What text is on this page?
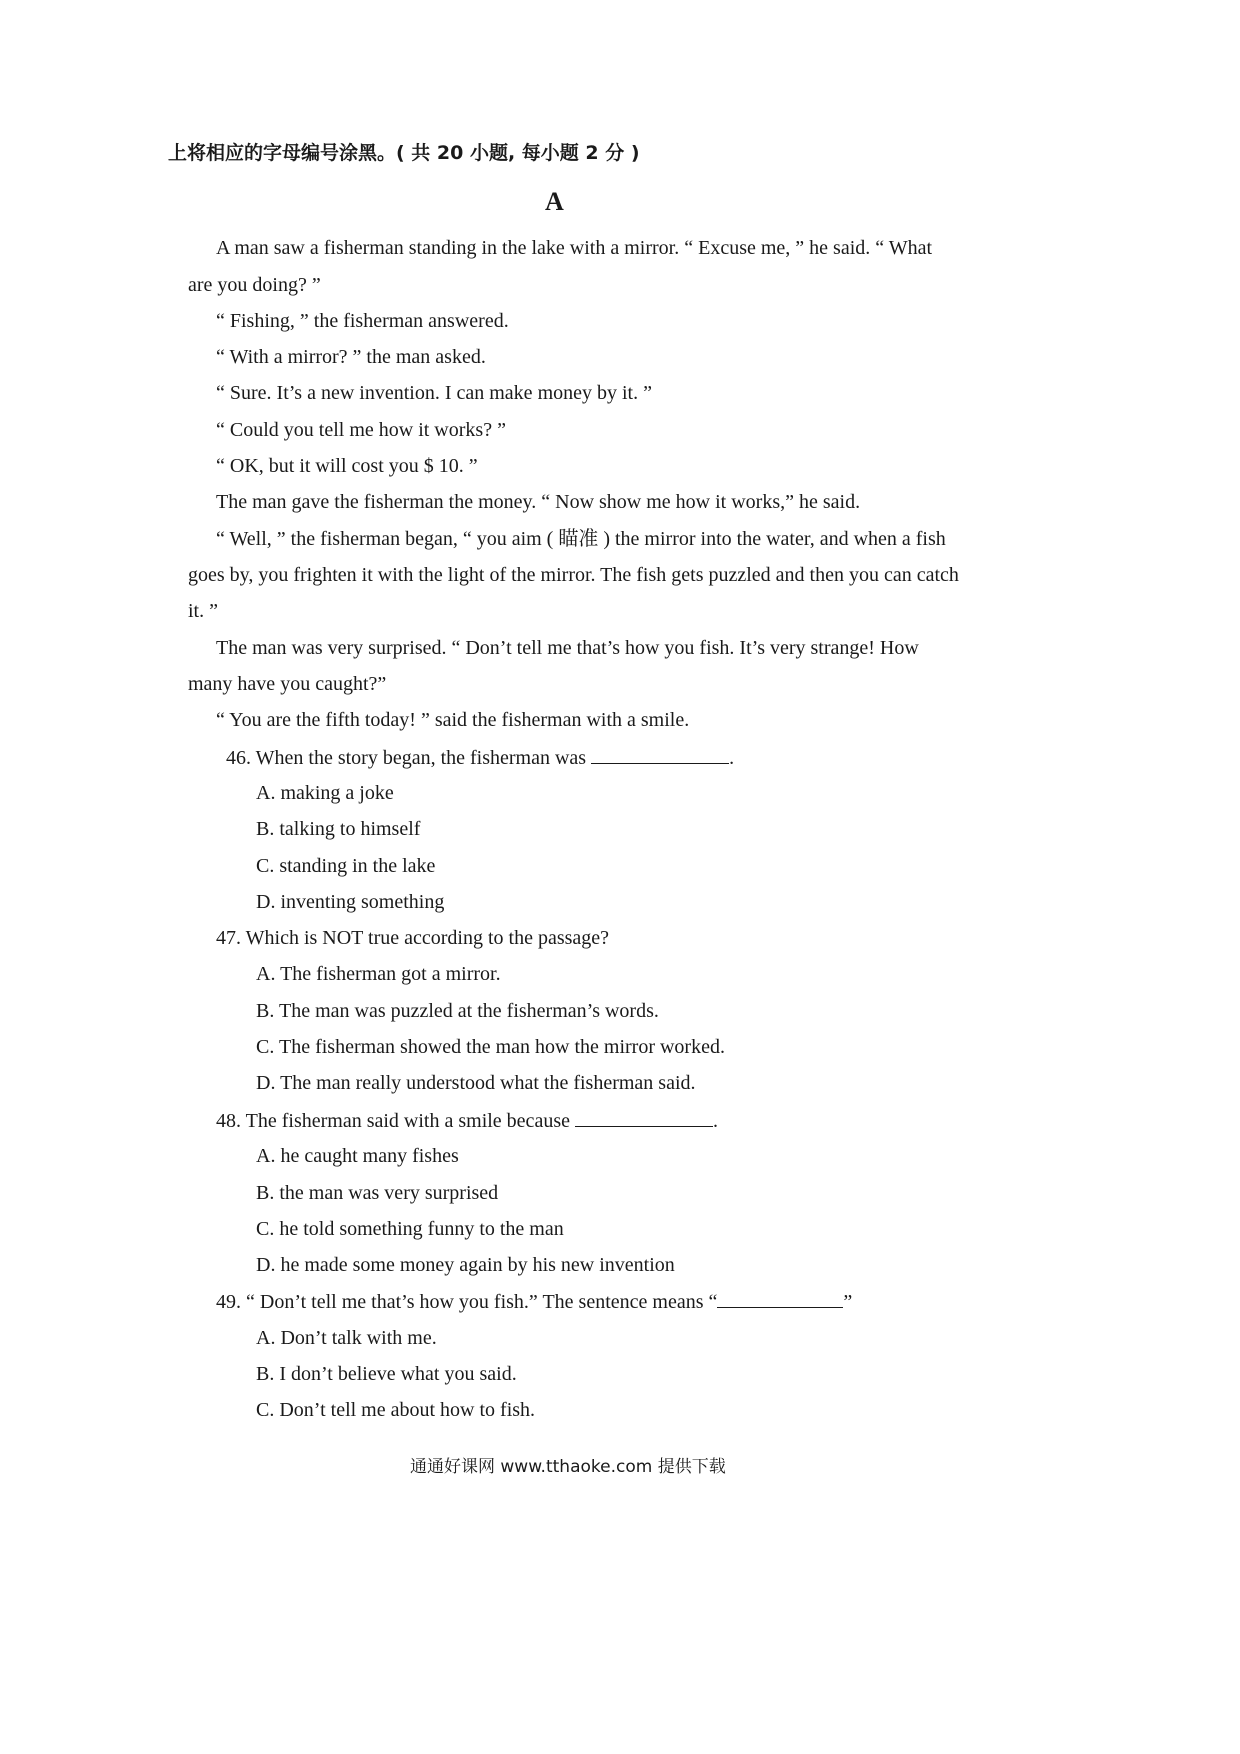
上将相应的字母编号涂黑。( 共 20 小题, 每小题 2 分 )
A
A man saw a fisherman standing in the lake with a mirror. “ Excuse me, ” he said. “ What
are you doing? ”
“ Fishing, ” the fisherman answered.
“ With a mirror? ” the man asked.
“ Sure. It’s a new invention. I can make money by it. ”
“ Could you tell me how it works? ”
“ OK, but it will cost you $ 10. ”
The man gave the fisherman the money. “ Now show me how it works,” he said.
“ Well, ” the fisherman began, “ you aim ( 瞄准 ) the mirror into the water, and when a fish
goes by, you frighten it with the light of the mirror. The fish gets puzzled and then you can catch
it. ”
The man was very surprised. “ Don’t tell me that’s how you fish. It’s very strange! How
many have you caught?”
“ You are the fifth today! ” said the fisherman with a smile.
46. When the story began, the fisherman was	.
A. making a joke
B. talking to himself
C. standing in the lake
D. inventing something
47. Which is NOT true according to the passage?
A. The fisherman got a mirror.
B. The man was puzzled at the fisherman’s words.
C. The fisherman showed the man how the mirror worked.
D. The man really understood what the fisherman said.
48. The fisherman said with a smile because	.
A. he caught many fishes
B. the man was very surprised
C. he told something funny to the man
D. he made some money again by his new invention
49. “ Don’t tell me that’s how you fish.” The sentence means “	”
A. Don’t talk with me.
B. I don’t believe what you said.
C. Don’t tell me about how to fish.
通通好课网 www.tthaoke.com 提供下载
